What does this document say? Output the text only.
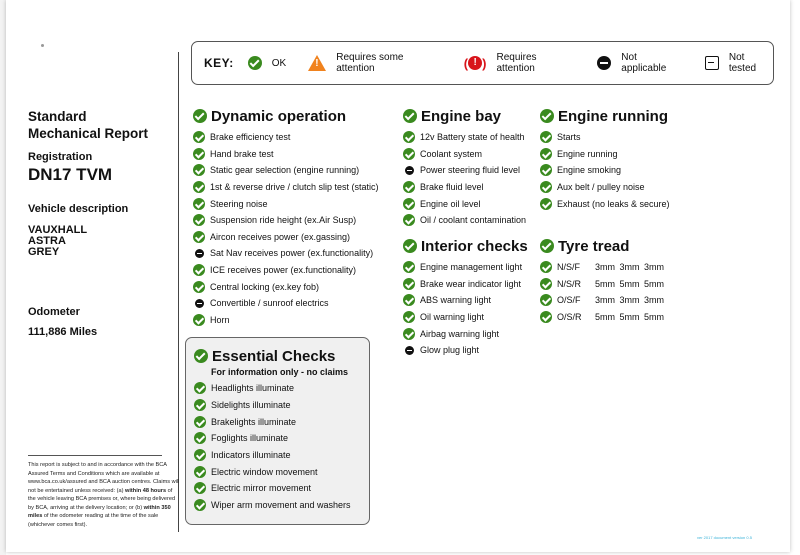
KEY:	OK
!	Requires some attention	( ! ) Requires attention
Not applicable
Not tested
Standard
Mechanical Report
Registration
DN17 TVM
Vehicle description
VAUXHALL
ASTRA
GREY
Odometer
111,886 Miles
This report is subject to and in accordance with the BCA Assured Terms and Conditions which are available at www.bca.co.uk/assured and BCA auction centres. Claims will not be entertained unless received: (a) within 48 hours of the vehicle leaving BCA premises or, where being delivered by BCA, arriving at the delivery location; or (b) within 350 miles of the odometer reading at the time of the sale (whichever comes first).
Dynamic operation
Brake efficiency test
Hand brake test
Static gear selection (engine running)
1st & reverse drive / clutch slip test (static)
Steering noise
Suspension ride height (ex.Air Susp)
Aircon receives power (ex.gassing)
Sat Nav receives power (ex.functionality)
ICE receives power (ex.functionality)
Central locking (ex.key fob)
Convertible / sunroof electrics
Horn
Engine bay
12v Battery state of health
Coolant system
Power steering fluid level
Brake fluid level
Engine oil level
Oil / coolant contamination
Engine running
Starts
Engine running
Engine smoking
Aux belt / pulley noise
Exhaust (no leaks & secure)
Interior checks
Engine management light
Brake wear indicator light
ABS warning light
Oil warning light
Airbag warning light
Glow plug light
Tyre tread
N/S/F	3mm 3mm 3mm
N/S/R	5mm 5mm 5mm
O/S/F	3mm 3mm 3mm
O/S/R	5mm 5mm 5mm
Essential Checks
For information only - no claims
Headlights illuminate
Sidelights illuminate
Brakelights illuminate
Foglights illuminate
Indicators illuminate
Electric window movement
Electric mirror movement
Wiper arm movement and washers
ver 2017 document version 0.5
